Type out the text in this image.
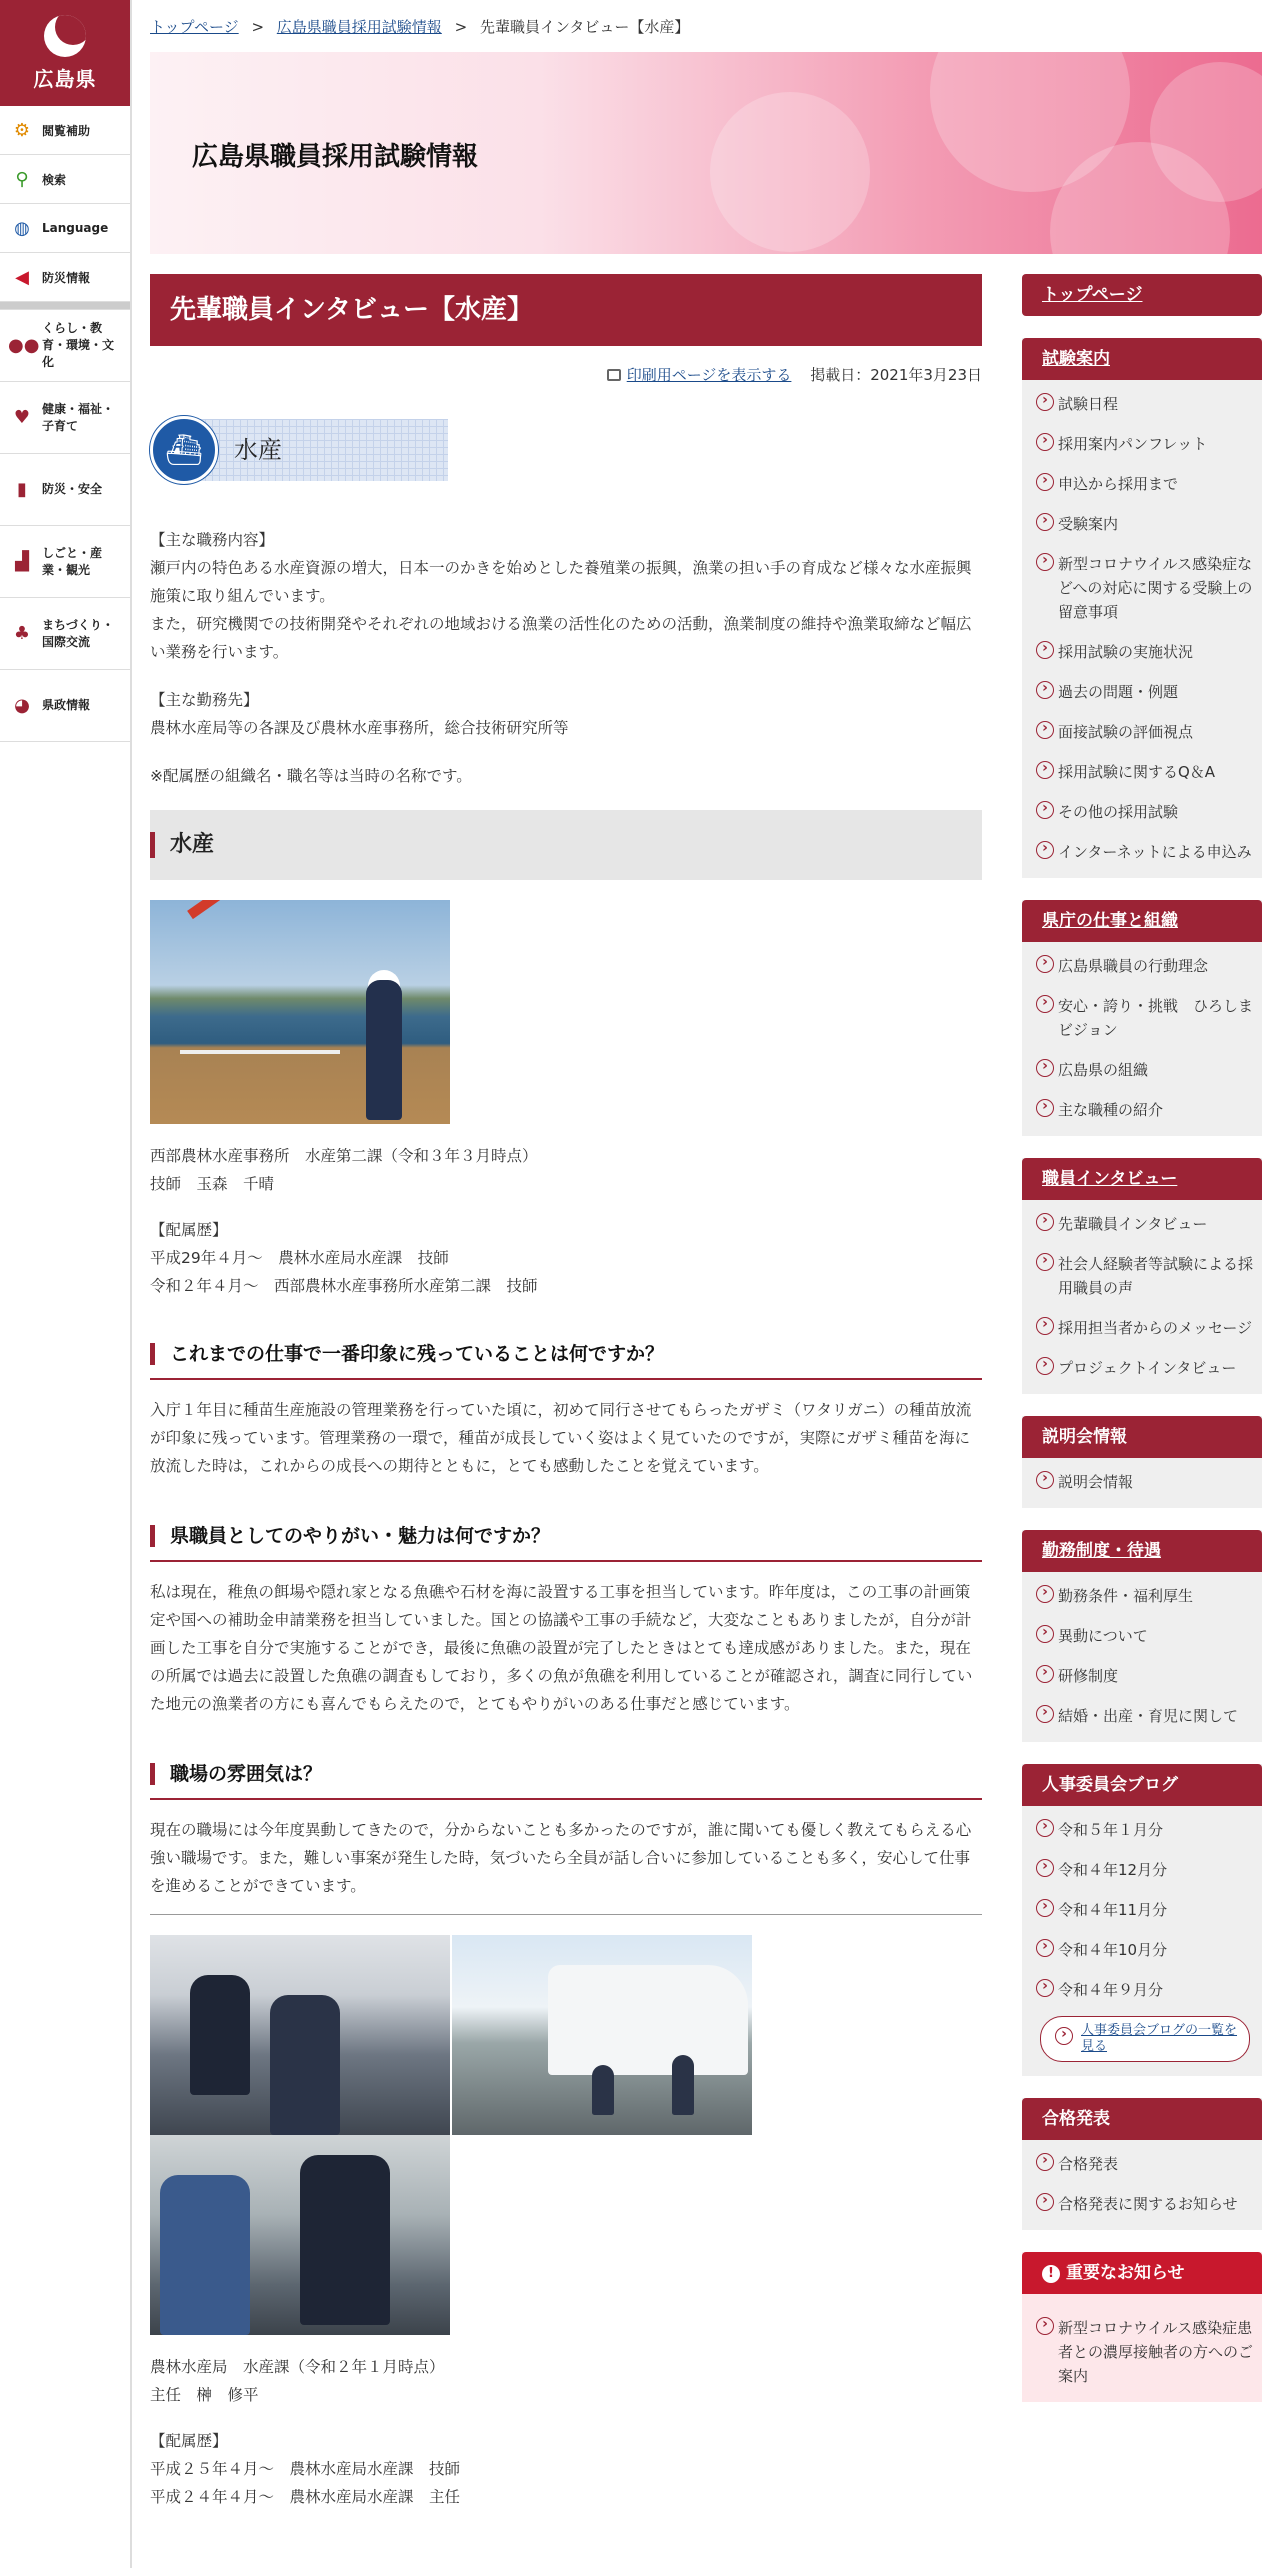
広島県
⚙ 閲覧補助
⚲	検索
◍	Language
◀	防災情報
●●
くらし・教育・環境・文化
♥ 健康・福祉・子育て
▮	防災・安全
▟	しごと・産業・観光
♣ まちづくり・国際交流
◕	県政情報
トップページ > 広島県職員採用試験情報 > 先輩職員インタビュー【水産】
広島県職員採用試験情報
先輩職員インタビュー【水産】
印刷用ページを表示する 掲載日：2021年3月23日
⛴	水産

【主な職務内容】

瀬戸内の特色ある水産資源の増大，日本一のかきを始めとした養殖業の振興，漁業の担い手の育成など様々な水産振興施策に取り組んでいます。

また，研究機関での技術開発やそれぞれの地域おける漁業の活性化のための活動，漁業制度の維持や漁業取締など幅広い業務を行います。

【主な勤務先】

農林水産局等の各課及び農林水産事務所，総合技術研究所等

※配属歴の組織名・職名等は当時の名称です。

水産

西部農林水産事務所　水産第二課（令和３年３月時点）

技師　玉森　千晴

【配属歴】

平成29年４月～　農林水産局水産課　技師

令和２年４月～　西部農林水産事務所水産第二課　技師

これまでの仕事で一番印象に残っていることは何ですか？

入庁１年目に種苗生産施設の管理業務を行っていた頃に，初めて同行させてもらったガザミ（ワタリガニ）の種苗放流が印象に残っています。管理業務の一環で，種苗が成長していく姿はよく見ていたのですが，実際にガザミ種苗を海に放流した時は，これからの成長への期待とともに，とても感動したことを覚えています。

県職員としてのやりがい・魅力は何ですか？

私は現在，稚魚の餌場や隠れ家となる魚礁や石材を海に設置する工事を担当しています。昨年度は，この工事の計画策定や国への補助金申請業務を担当していました。国との協議や工事の手続など，大変なこともありましたが，自分が計画した工事を自分で実施することができ，最後に魚礁の設置が完了したときはとても達成感がありました。また，現在の所属では過去に設置した魚礁の調査もしており，多くの魚が魚礁を利用していることが確認され，調査に同行していた地元の漁業者の方にも喜んでもらえたので，とてもやりがいのある仕事だと感じています。

職場の雰囲気は？

現在の職場には今年度異動してきたので，分からないことも多かったのですが，誰に聞いても優しく教えてもらえる心強い職場です。また，難しい事案が発生した時，気づいたら全員が話し合いに参加していることも多く，安心して仕事を進めることができています。

農林水産局　水産課（令和２年１月時点）

主任　榊　修平

【配属歴】

平成２５年４月～　農林水産局水産課　技師

平成２４年４月～　農林水産局水産課　主任

トップページ
試験案内
› 試験日程
› 採用案内パンフレット
› 申込から採用まで
› 受験案内
› 新型コロナウイルス感染症などへの対応に関する受験上の留意事項
› 採用試験の実施状況
› 過去の問題・例題
› 面接試験の評価視点
› 採用試験に関するQ＆A
› その他の採用試験
› インターネットによる申込み
県庁の仕事と組織
› 広島県職員の行動理念
› 安心・誇り・挑戦　ひろしまビジョン
› 広島県の組織
› 主な職種の紹介
職員インタビュー
› 先輩職員インタビュー
› 社会人経験者等試験による採用職員の声
› 採用担当者からのメッセージ
› プロジェクトインタビュー
説明会情報
› 説明会情報
勤務制度・待遇
› 勤務条件・福利厚生
› 異動について
› 研修制度
› 結婚・出産・育児に関して
人事委員会ブログ
› 令和５年１月分
› 令和４年12月分
› 令和４年11月分
› 令和４年10月分
› 令和４年９月分
› 人事委員会ブログの一覧を見る
合格発表
› 合格発表
› 合格発表に関するお知らせ
! 重要なお知らせ
› 新型コロナウイルス感染症患者との濃厚接触者の方へのご案内
